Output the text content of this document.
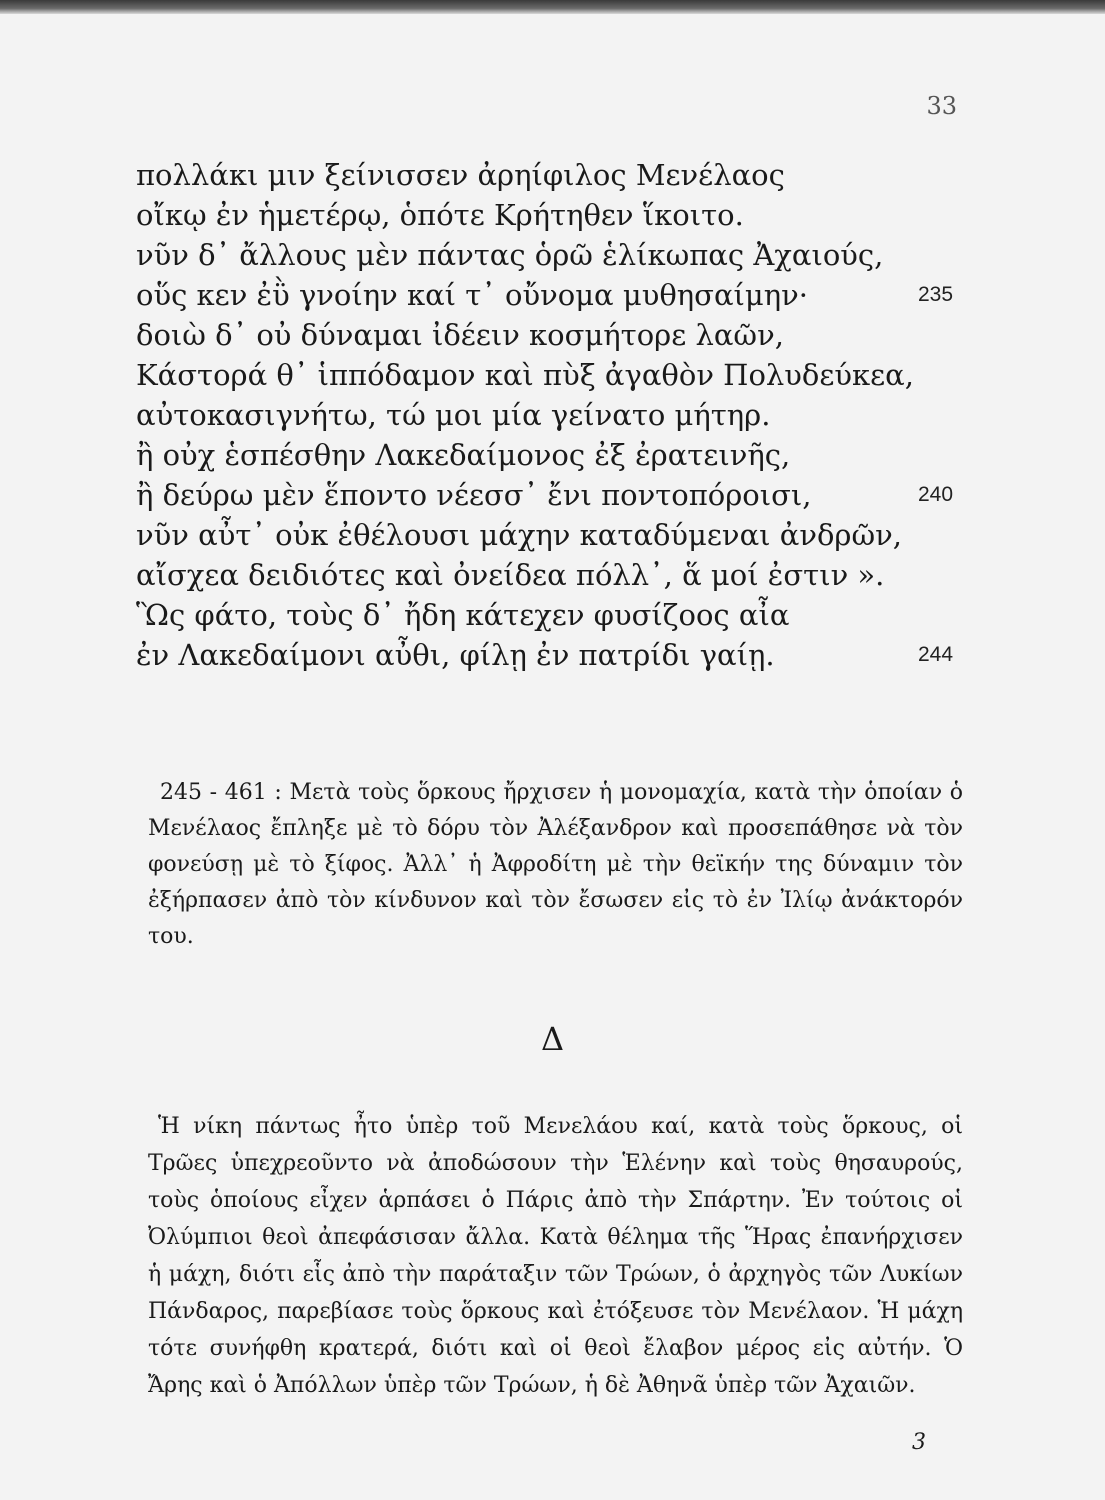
33
πολλάκι μιν ξείνισσεν ἀρηίφιλος Μενέλαος
οἴκῳ ἐν ἡμετέρῳ, ὁπότε Κρήτηθεν ἵκοιτο.
νῦν δ᾽ ἄλλους μὲν πάντας ὁρῶ ἑλίκωπας Ἀχαιούς,
οὕς κεν ἐῢ γνοίην καί τ᾽ οὔνομα μυθησαίμην·	235
δοιὼ δ᾽ οὐ δύναμαι ἰδέειν κοσμήτορε λαῶν,
Κάστορά θ᾽ ἱππόδαμον καὶ πὺξ ἀγαθὸν Πολυδεύκεα,
αὐτοκασιγνήτω, τώ μοι μία γείνατο μήτηρ.
ἢ οὐχ ἑσπέσθην Λακεδαίμονος ἐξ ἐρατεινῆς,
ἢ δεύρω μὲν ἕποντο νέεσσ᾽ ἔνι ποντοπόροισι,	240
νῦν αὖτ᾽ οὐκ ἐθέλουσι μάχην καταδύμεναι ἀνδρῶν,
αἴσχεα δειδιότες καὶ ὀνείδεα πόλλ᾽, ἅ μοί ἐστιν ».
Ὣς φάτο, τοὺς δ᾽ ἤδη κάτεχεν φυσίζοος αἶα
ἐν Λακεδαίμονι αὖθι, φίλῃ ἐν πατρίδι γαίῃ.	244

245 - 461 : Μετὰ τοὺς ὅρκους ἤρχισεν ἡ μονομαχία, κατὰ τὴν ὁποίαν ὁ Μενέλαος ἔπληξε μὲ τὸ δόρυ τὸν Ἀλέξανδρον καὶ προσεπάθησε νὰ τὸν φονεύσῃ μὲ τὸ ξίφος. Ἀλλ᾽ ἡ Ἀφροδίτη μὲ τὴν θεϊκήν της δύναμιν τὸν ἐξήρπασεν ἀπὸ τὸν κίνδυνον καὶ τὸν ἔσωσεν εἰς τὸ ἐν Ἰλίῳ ἀνάκτορόν του.

Δ

Ἡ νίκη πάντως ἦτο ὑπὲρ τοῦ Μενελάου καί, κατὰ τοὺς ὅρκους, οἱ Τρῶες ὑπεχρεοῦντο νὰ ἀποδώσουν τὴν Ἑλένην καὶ τοὺς θησαυρούς, τοὺς ὁποίους εἶχεν ἁρπάσει ὁ Πάρις ἀπὸ τὴν Σπάρτην. Ἐν τούτοις οἱ Ὀλύμπιοι θεοὶ ἀπεφάσισαν ἄλλα. Κατὰ θέλημα τῆς Ἥρας ἐπανήρχισεν ἡ μάχη, διότι εἷς ἀπὸ τὴν παράταξιν τῶν Τρώων, ὁ ἀρχηγὸς τῶν Λυκίων Πάνδαρος, παρεβίασε τοὺς ὅρκους καὶ ἐτόξευσε τὸν Μενέλαον. Ἡ μάχη τότε συνήφθη κρατερά, διότι καὶ οἱ θεοὶ ἔλαβον μέρος εἰς αὐτήν. Ὁ Ἄρης καὶ ὁ Ἀπόλλων ὑπὲρ τῶν Τρώων, ἡ δὲ Ἀθηνᾶ ὑπὲρ τῶν Ἀχαιῶν.

3
